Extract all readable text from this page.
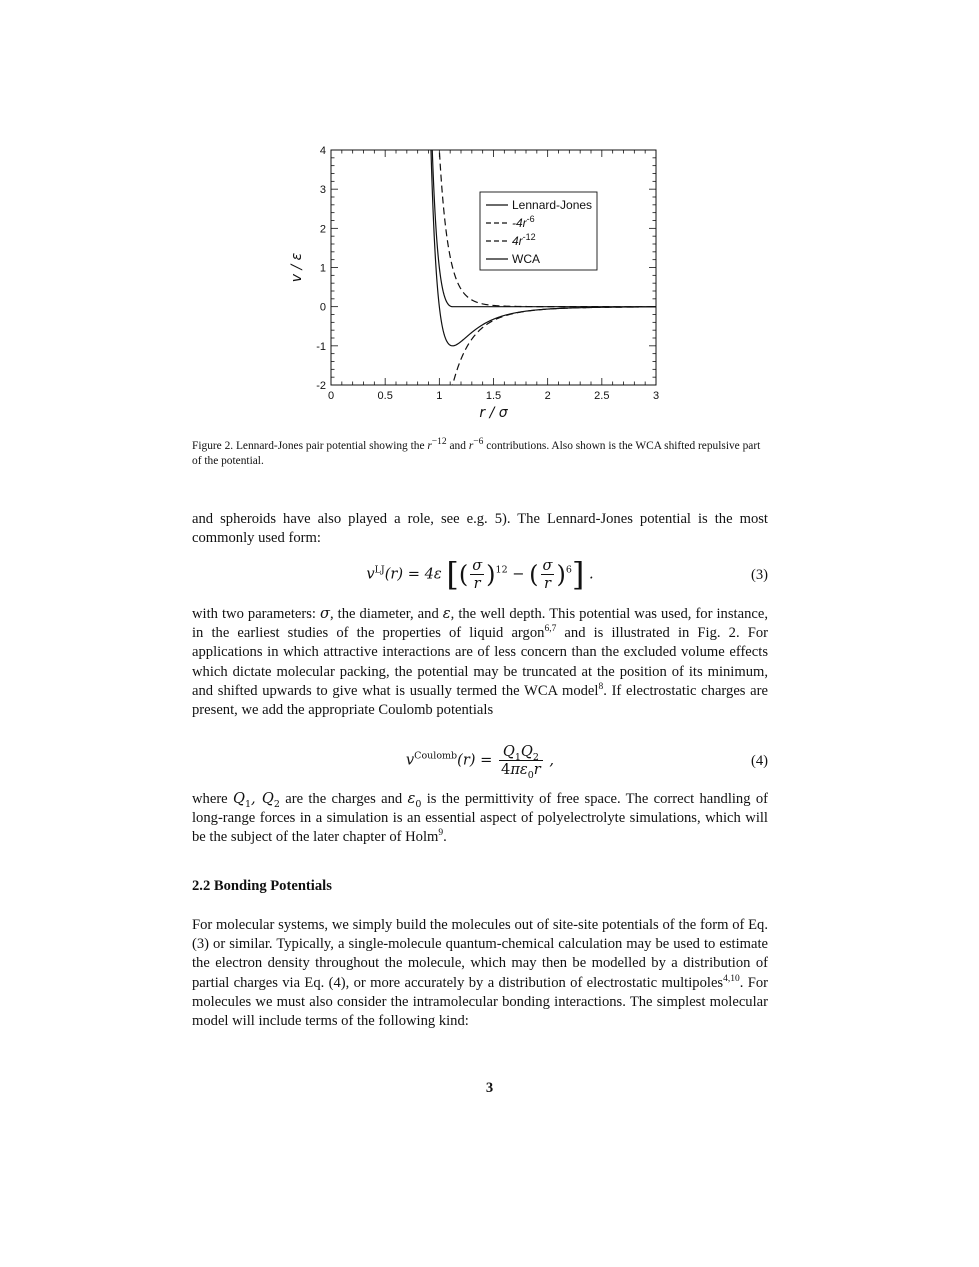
0	0.5	1	1.5	2	2.5	3
-2
-1
0
1
2
3
4
r / σ
v / ε
Lennard-Jones
$-4r^{-6}$
$4r^{-12}$
WCA
Figure 2. Lennard-Jones pair potential showing the $r^{-12}$ and $r^{-6}$ contributions. Also shown is the WCA shifted repulsive part of the potential.

and spheroids have also played a role, see e.g. 5). The Lennard-Jones potential is the most commonly used form:

$v^{LJ}(r) = 4\varepsilon$ [( $\frac{\sigma}{r} )^{12}$ − ( $\frac{\sigma}{r} )^6$] .	(3)

with two parameters: σ, the diameter, and ε, the well depth. This potential was used, for instance, in the earliest studies of the properties of liquid argon$^{6,7}$ and is illustrated in Fig. 2. For applications in which attractive interactions are of less concern than the excluded volume effects which dictate molecular packing, the potential may be truncated at the position of its minimum, and shifted upwards to give what is usually termed the WCA model$^8$. If electrostatic charges are present, we add the appropriate Coulomb potentials

$v^{Coulomb}(r) = \frac{Q_1Q_2}{4\pi\varepsilon_0r}$ ,	(4)

where $Q_1$, $Q_2$ are the charges and $\varepsilon_0$ is the permittivity of free space. The correct handling of long-range forces in a simulation is an essential aspect of polyelectrolyte simulations, which will be the subject of the later chapter of Holm$^9$.

2.2 Bonding Potentials

For molecular systems, we simply build the molecules out of site-site potentials of the form of Eq. (3) or similar. Typically, a single-molecule quantum-chemical calculation may be used to estimate the electron density throughout the molecule, which may then be modelled by a distribution of partial charges via Eq. (4), or more accurately by a distribution of electrostatic multipoles$^{4,10}$. For molecules we must also consider the intramolecular bonding interactions. The simplest molecular model will include terms of the following kind:

3
